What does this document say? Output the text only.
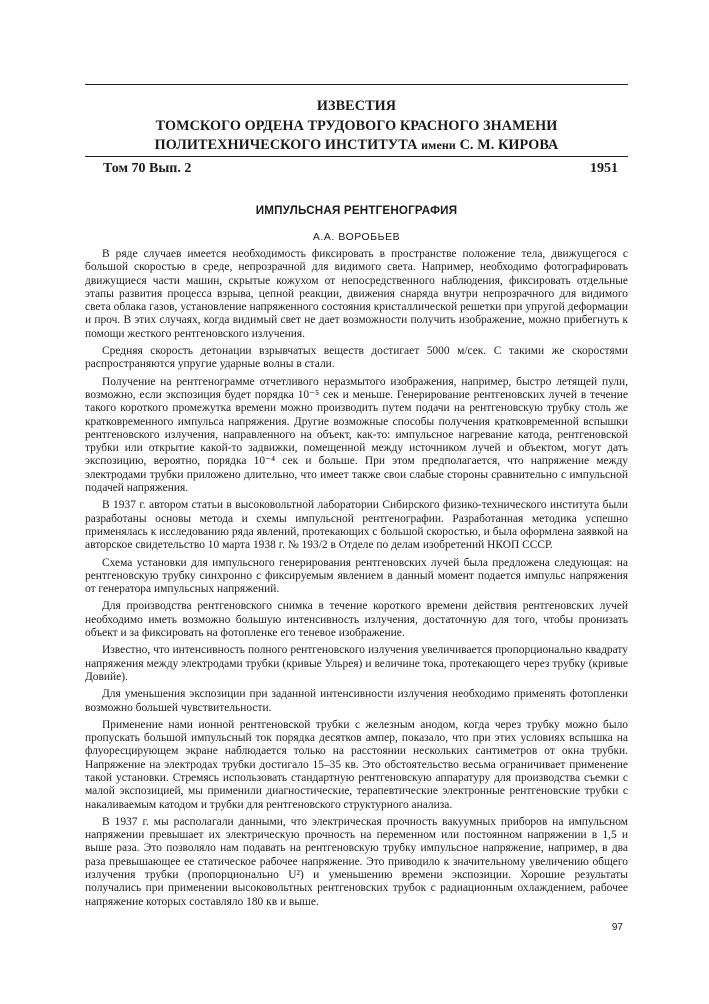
ИЗВЕСТИЯ
ТОМСКОГО ОРДЕНА ТРУДОВОГО КРАСНОГО ЗНАМЕНИ
ПОЛИТЕХНИЧЕСКОГО ИНСТИТУТА имени С. М. КИРОВА
Том 70 Вып. 2	1951
ИМПУЛЬСНАЯ РЕНТГЕНОГРАФИЯ
А.А. ВОРОБЬЕВ

В ряде случаев имеется необходимость фиксировать в пространстве положение тела, движущегося с большой скоростью в среде, непрозрачной для видимого света. Например, необходимо фотографировать движущиеся части машин, скрытые кожухом от непосредственного наблюдения, фиксировать отдельные этапы развития процесса взрыва, цепной реакции, движения снаряда внутри непрозрачного для видимого света облака газов, установление напряженного состояния кристаллической решетки при упругой деформации и проч. В этих случаях, когда видимый свет не дает возможности получить изображение, можно прибегнуть к помощи жесткого рентгеновского излучения.

Средняя скорость детонации взрывчатых веществ достигает 5000 м/сек. С такими же скоростями распространяются упругие ударные волны в стали.

Получение на рентгенограмме отчетливого неразмытого изображения, например, быстро летящей пули, возможно, если экспозиция будет порядка 10⁻⁵ сек и меньше. Генерирование рентгеновских лучей в течение такого короткого промежутка времени можно производить путем подачи на рентгеновскую трубку столь же кратковременного импульса напряжения. Другие возможные способы получения кратковременной вспышки рентгеновского излучения, направленного на объект, как-то: импульсное нагревание катода, рентгеновской трубки или открытие какой-то задвижки, помещенной между источником лучей и объектом, могут дать экспозицию, вероятно, порядка 10⁻⁴ сек и больше. При этом предполагается, что напряжение между электродами трубки приложено длительно, что имеет также свои слабые стороны сравнительно с импульсной подачей напряжения.

В 1937 г. автором статьи в высоковольтной лаборатории Сибирского физико-технического института были разработаны основы метода и схемы импульсной рентгенографии. Разработанная методика успешно применялась к исследованию ряда явлений, протекающих с большой скоростью, и была оформлена заявкой на авторское свидетельство 10 марта 1938 г. № 193/2 в Отделе по делам изобретений НКОП СССР.

Схема установки для импульсного генерирования рентгеновских лучей была предложена следующая: на рентгеновскую трубку синхронно с фиксируемым явлением в данный момент подается импульс напряжения от генератора импульсных напряжений.

Для производства рентгеновского снимка в течение короткого времени действия рентгеновских лучей необходимо иметь возможно большую интенсивность излучения, достаточную для того, чтобы пронизать объект и за фиксировать на фотопленке его теневое изображение.

Известно, что интенсивность полного рентгеновского излучения увеличивается пропорционально квадрату напряжения между электродами трубки (кривые Ульрея) и величине тока, протекающего через трубку (кривые Довийе).

Для уменьшения экспозиции при заданной интенсивности излучения необходимо применять фотопленки возможно большей чувствительности.

Применение нами ионной рентгеновской трубки с железным анодом, когда через трубку можно было пропускать большой импульсный ток порядка десятков ампер, показало, что при этих условиях вспышка на флуоресцирующем экране наблюдается только на расстоянии нескольких сантиметров от окна трубки. Напряжение на электродах трубки достигало 15–35 кв. Это обстоятельство весьма ограничивает применение такой установки. Стремясь использовать стандартную рентгеновскую аппаратуру для производства съемки с малой экспозицией, мы применили диагностические, терапевтические электронные рентгеновские трубки с накаливаемым катодом и трубки для рентгеновского структурного анализа.

В 1937 г. мы располагали данными, что электрическая прочность вакуумных приборов на импульсном напряжении превышает их электрическую прочность на переменном или постоянном напряжении в 1,5 и выше раза. Это позволяло нам подавать на рентгеновскую трубку импульсное напряжение, например, в два раза превышающее ее статическое рабочее напряжение. Это приводило к значительному увеличению общего излучения трубки (пропорционально U²) и уменьшению времени экспозиции. Хорошие результаты получались при применении высоковольтных рентгеновских трубок с радиационным охлаждением, рабочее напряжение которых составляло 180 кв и выше.

97
